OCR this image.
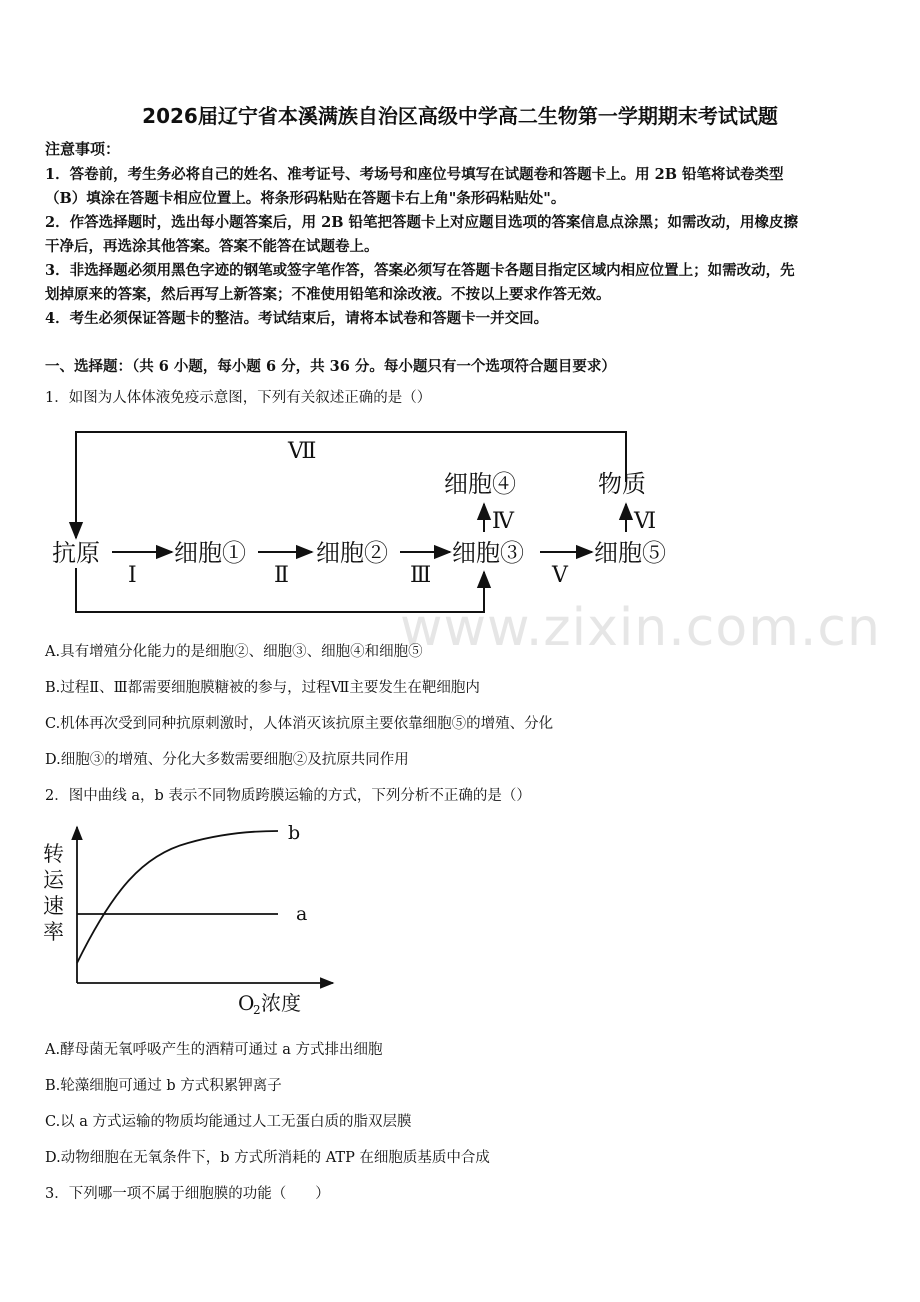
www.zixin.com.cn
2026届辽宁省本溪满族自治区高级中学高二生物第一学期期末考试试题
注意事项：
1．答卷前，考生务必将自己的姓名、准考证号、考场号和座位号填写在试题卷和答题卡上。用 2B 铅笔将试卷类型
（B）填涂在答题卡相应位置上。将条形码粘贴在答题卡右上角"条形码粘贴处"。
2．作答选择题时，选出每小题答案后，用 2B 铅笔把答题卡上对应题目选项的答案信息点涂黑；如需改动，用橡皮擦
干净后，再选涂其他答案。答案不能答在试题卷上。
3．非选择题必须用黑色字迹的钢笔或签字笔作答，答案必须写在答题卡各题目指定区域内相应位置上；如需改动，先
划掉原来的答案，然后再写上新答案；不准使用铅笔和涂改液。不按以上要求作答无效。
4．考生必须保证答题卡的整洁。考试结束后，请将本试卷和答题卡一并交回。
一、选择题：（共 6 小题，每小题 6 分，共 36 分。每小题只有一个选项符合题目要求）
1．如图为人体体液免疫示意图，下列有关叙述正确的是（）
抗原	细胞①	细胞②	细胞③	细胞⑤
细胞④	物质
Ⅰ	Ⅱ	Ⅲ	Ⅴ
Ⅳ	Ⅵ
Ⅶ
A.具有增殖分化能力的是细胞②、细胞③、细胞④和细胞⑤
B.过程Ⅱ、Ⅲ都需要细胞膜糖被的参与，过程Ⅶ主要发生在靶细胞内
C.机体再次受到同种抗原刺激时，人体消灭该抗原主要依靠细胞⑤的增殖、分化
D.细胞③的增殖、分化大多数需要细胞②及抗原共同作用
2．图中曲线 a，b 表示不同物质跨膜运输的方式，下列分析不正确的是（）
转
运
速
率
b
a
O
2 浓度
A.酵母菌无氧呼吸产生的酒精可通过 a 方式排出细胞
B.轮藻细胞可通过 b 方式积累钾离子
C.以 a 方式运输的物质均能通过人工无蛋白质的脂双层膜
D.动物细胞在无氧条件下，b 方式所消耗的 ATP 在细胞质基质中合成
3．下列哪一项不属于细胞膜的功能（　　）
